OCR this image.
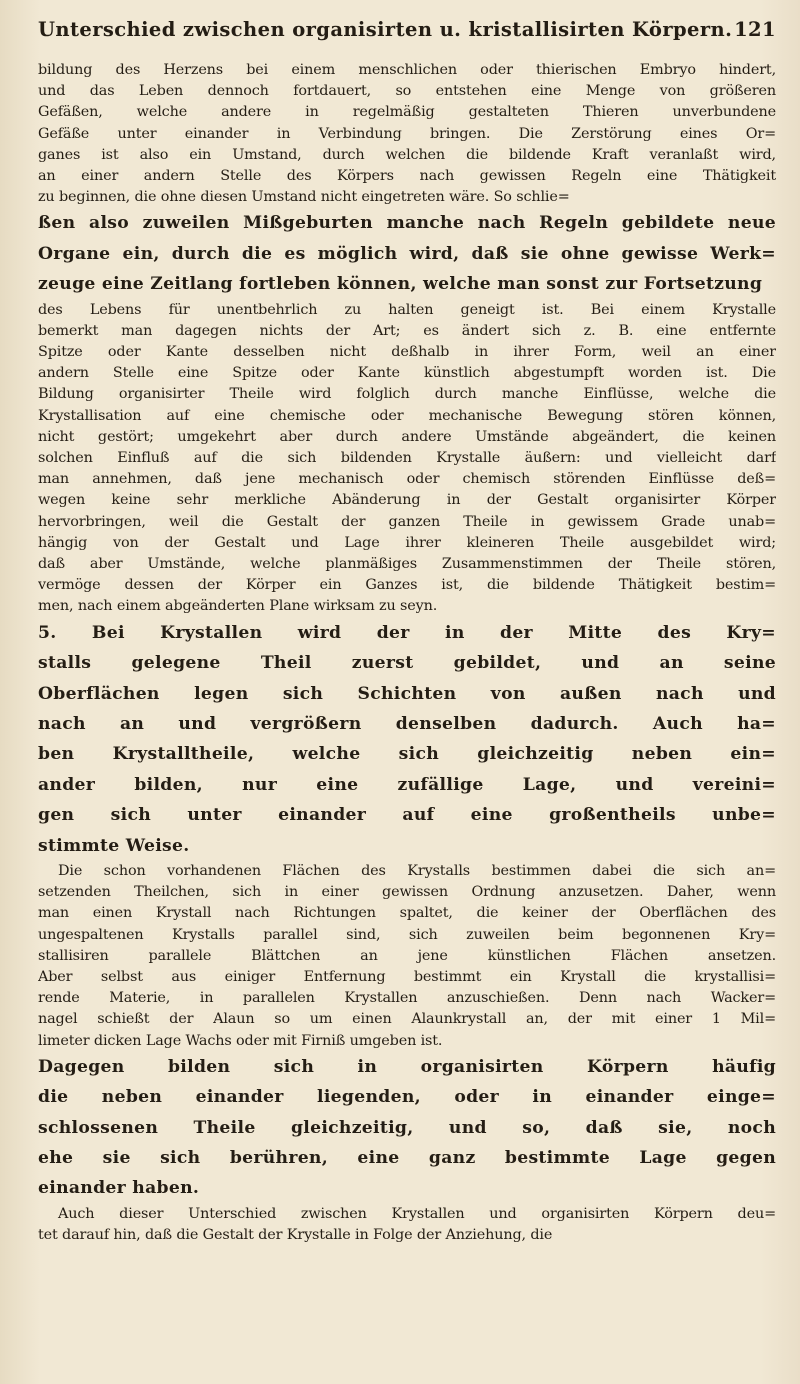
Unterschied zwischen organisirten u. kristallisirten Körpern. 121
bildung des Herzens bei einem menschlichen oder thierischen Embryo hindert,
und das Leben dennoch fortdauert, so entstehen eine Menge von größeren
Gefäßen, welche andere in regelmäßig gestalteten Thieren unverbundene
Gefäße unter einander in Verbindung bringen. Die Zerstörung eines Or=
ganes ist also ein Umstand, durch welchen die bildende Kraft veranlaßt wird,
an einer andern Stelle des Körpers nach gewissen Regeln eine Thätigkeit
zu beginnen, die ohne diesen Umstand nicht eingetreten wäre. So schlie=
ßen also zuweilen Mißgeburten manche nach Regeln gebildete neue
Organe ein, durch die es möglich wird, daß sie ohne gewisse Werk=
zeuge eine Zeitlang fortleben können, welche man sonst zur Fortsetzung
des Lebens für unentbehrlich zu halten geneigt ist. Bei einem Krystalle
bemerkt man dagegen nichts der Art; es ändert sich z. B. eine entfernte
Spitze oder Kante desselben nicht deßhalb in ihrer Form, weil an einer
andern Stelle eine Spitze oder Kante künstlich abgestumpft worden ist. Die
Bildung organisirter Theile wird folglich durch manche Einflüsse, welche die
Krystallisation auf eine chemische oder mechanische Bewegung stören können,
nicht gestört; umgekehrt aber durch andere Umstände abgeändert, die keinen
solchen Einfluß auf die sich bildenden Krystalle äußern: und vielleicht darf
man annehmen, daß jene mechanisch oder chemisch störenden Einflüsse deß=
wegen keine sehr merkliche Abänderung in der Gestalt organisirter Körper
hervorbringen, weil die Gestalt der ganzen Theile in gewissem Grade unab=
hängig von der Gestalt und Lage ihrer kleineren Theile ausgebildet wird;
daß aber Umstände, welche planmäßiges Zusammenstimmen der Theile stören,
vermöge dessen der Körper ein Ganzes ist, die bildende Thätigkeit bestim=
men, nach einem abgeänderten Plane wirksam zu seyn.
5. Bei Krystallen wird der in der Mitte des Kry=
stalls gelegene Theil zuerst gebildet, und an seine
Oberflächen legen sich Schichten von außen nach und
nach an und vergrößern denselben dadurch. Auch ha=
ben Krystalltheile, welche sich gleichzeitig neben ein=
ander bilden, nur eine zufällige Lage, und vereini=
gen sich unter einander auf eine großentheils unbe=
stimmte Weise.
Die schon vorhandenen Flächen des Krystalls bestimmen dabei die sich an=
setzenden Theilchen, sich in einer gewissen Ordnung anzusetzen. Daher, wenn
man einen Krystall nach Richtungen spaltet, die keiner der Oberflächen des
ungespaltenen Krystalls parallel sind, sich zuweilen beim begonnenen Kry=
stallisiren parallele Blättchen an jene künstlichen Flächen ansetzen.
Aber selbst aus einiger Entfernung bestimmt ein Krystall die krystallisi=
rende Materie, in parallelen Krystallen anzuschießen. Denn nach Wacker=
nagel schießt der Alaun so um einen Alaunkrystall an, der mit einer 1 Mil=
limeter dicken Lage Wachs oder mit Firniß umgeben ist.
Dagegen bilden sich in organisirten Körpern häufig
die neben einander liegenden, oder in einander einge=
schlossenen Theile gleichzeitig, und so, daß sie, noch
ehe sie sich berühren, eine ganz bestimmte Lage gegen
einander haben.
Auch dieser Unterschied zwischen Krystallen und organisirten Körpern deu=
tet darauf hin, daß die Gestalt der Krystalle in Folge der Anziehung, die
